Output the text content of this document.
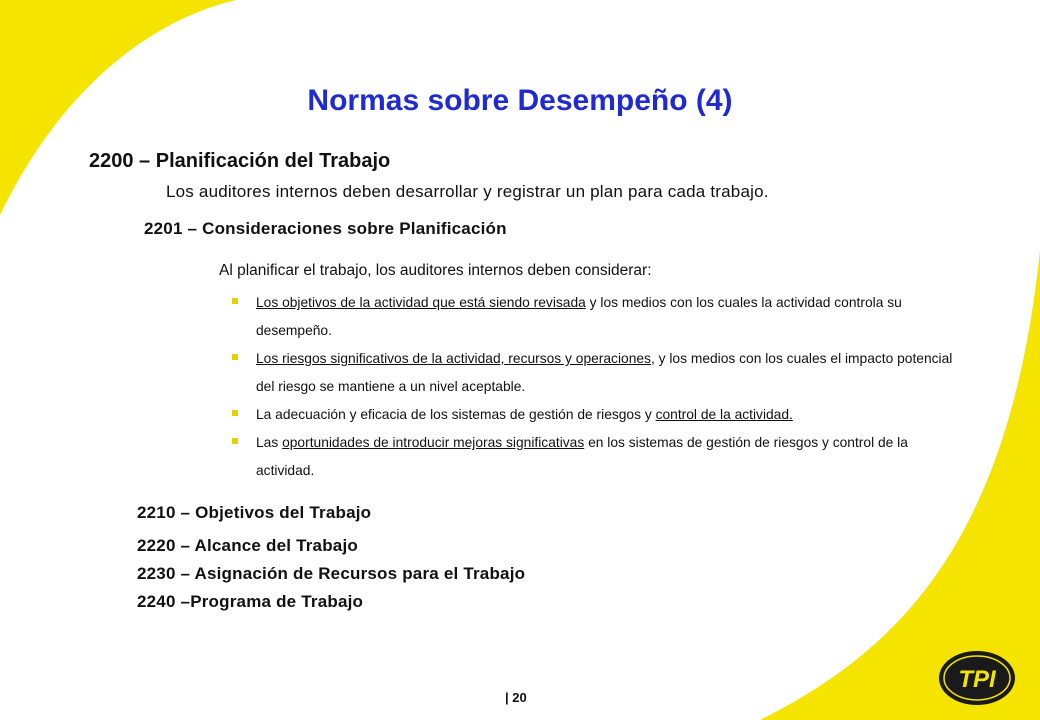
TPI
Normas sobre Desempeño (4)
2200 – Planificación del Trabajo
Los auditores internos deben desarrollar y registrar un plan para cada trabajo.
2201 – Consideraciones sobre Planificación
Al planificar el trabajo, los auditores internos deben considerar:
Los objetivos de la actividad que está siendo revisada y los medios con los cuales la actividad controla su desempeño.
Los riesgos significativos de la actividad, recursos y operaciones, y los medios con los cuales el impacto potencial del riesgo se mantiene a un nivel aceptable.
La adecuación y eficacia de los sistemas de gestión de riesgos y control de la actividad.
Las oportunidades de introducir mejoras significativas en los sistemas de gestión de riesgos y control de la actividad.
2210 – Objetivos del Trabajo
2220 – Alcance del Trabajo
2230 – Asignación de Recursos para el Trabajo
2240 –Programa de Trabajo
| 20
